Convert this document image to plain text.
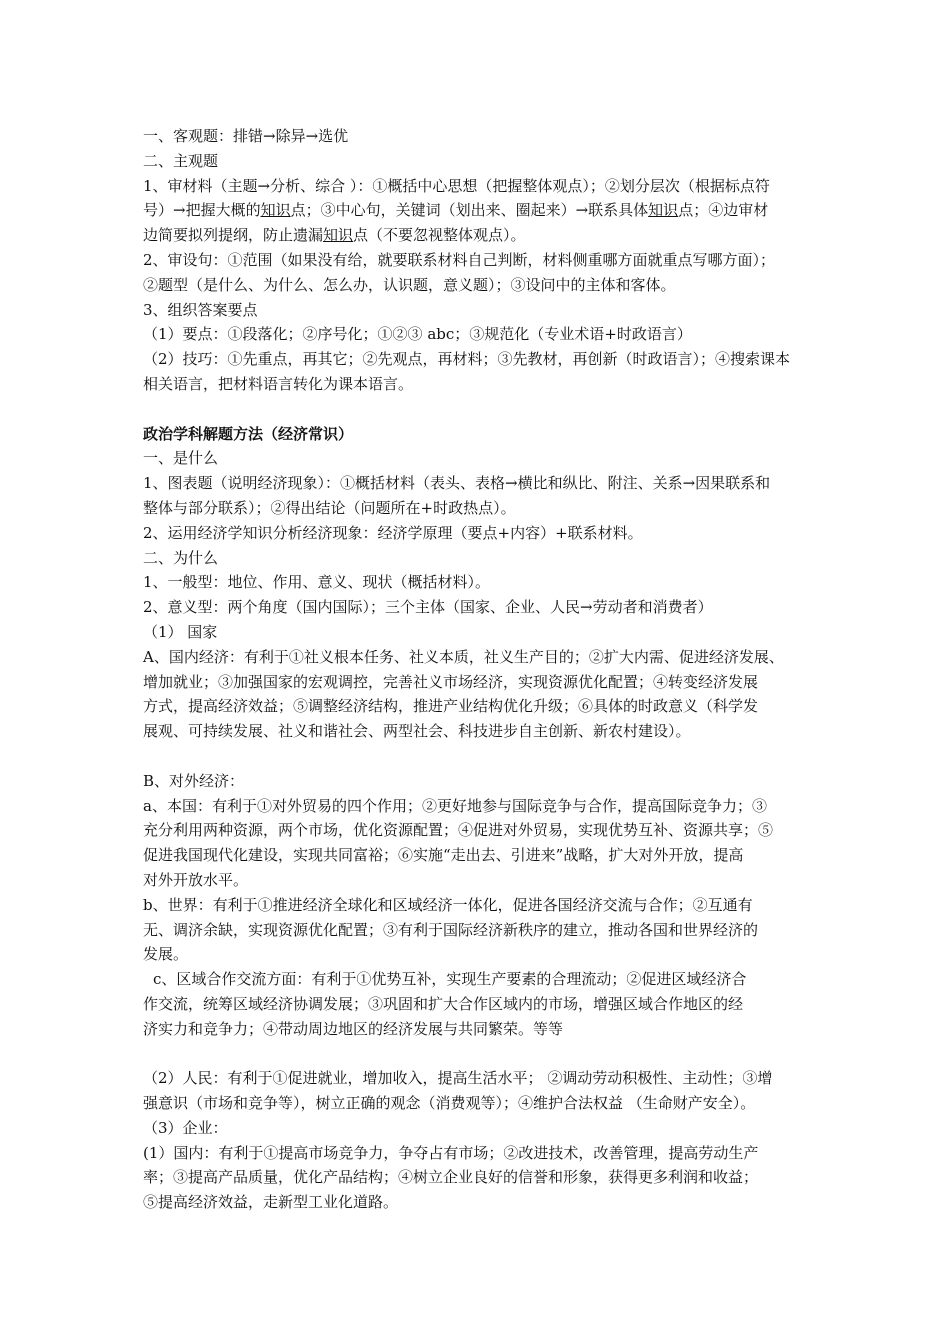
一、客观题：排错→除异→选优
二、主观题
1、审材料（主题→分析、综合 ）：①概括中心思想（把握整体观点）；②划分层次（根据标点符
号）→把握大概的知识点；③中心句，关键词（划出来、圈起来）→联系具体知识点；④边审材
边简要拟列提纲，防止遗漏知识点（不要忽视整体观点）。
2、审设句：①范围（如果没有给，就要联系材料自己判断，材料侧重哪方面就重点写哪方面）；
②题型（是什么、为什么、怎么办，认识题，意义题）；③设问中的主体和客体。
3、组织答案要点
（1）要点：①段落化；②序号化；①②③ abc；③规范化（专业术语+时政语言）
（2）技巧：①先重点，再其它；②先观点，再材料；③先教材，再创新（时政语言）；④搜索课本
相关语言，把材料语言转化为课本语言。
政治学科解题方法（经济常识）
一、是什么
1、图表题（说明经济现象）：①概括材料（表头、表格→横比和纵比、附注、关系→因果联系和
整体与部分联系）；②得出结论（问题所在+时政热点）。
2、运用经济学知识分析经济现象：经济学原理（要点+内容）+联系材料。
二、为什么
1、一般型：地位、作用、意义、现状（概括材料）。
2、意义型：两个角度（国内国际）；三个主体（国家、企业、人民→劳动者和消费者）
（1） 国家
A、国内经济：有利于①社义根本任务、社义本质，社义生产目的；②扩大内需、促进经济发展、
增加就业；③加强国家的宏观调控，完善社义市场经济，实现资源优化配置；④转变经济发展
方式，提高经济效益；⑤调整经济结构，推进产业结构优化升级；⑥具体的时政意义（科学发
展观、可持续发展、社义和谐社会、两型社会、科技进步自主创新、新农村建设）。
B、对外经济：
a、本国：有利于①对外贸易的四个作用；②更好地参与国际竞争与合作，提高国际竞争力；③
充分利用两种资源，两个市场，优化资源配置；④促进对外贸易，实现优势互补、资源共享；⑤
促进我国现代化建设，实现共同富裕；⑥实施“走出去、引进来”战略，扩大对外开放，提高
对外开放水平。
b、世界：有利于①推进经济全球化和区域经济一体化，促进各国经济交流与合作；②互通有
无、调济余缺，实现资源优化配置；③有利于国际经济新秩序的建立，推动各国和世界经济的
发展。
c、区域合作交流方面：有利于①优势互补，实现生产要素的合理流动；②促进区域经济合
作交流，统筹区域经济协调发展；③巩固和扩大合作区域内的市场，增强区域合作地区的经
济实力和竞争力；④带动周边地区的经济发展与共同繁荣。等等
（2）人民：有利于①促进就业，增加收入，提高生活水平； ②调动劳动积极性、主动性；③增
强意识（市场和竞争等），树立正确的观念（消费观等）；④维护合法权益 （生命财产安全）。
（3）企业：
(1）国内：有利于①提高市场竞争力，争夺占有市场；②改进技术，改善管理，提高劳动生产
率；③提高产品质量，优化产品结构；④树立企业良好的信誉和形象，获得更多利润和收益；
⑤提高经济效益，走新型工业化道路。
